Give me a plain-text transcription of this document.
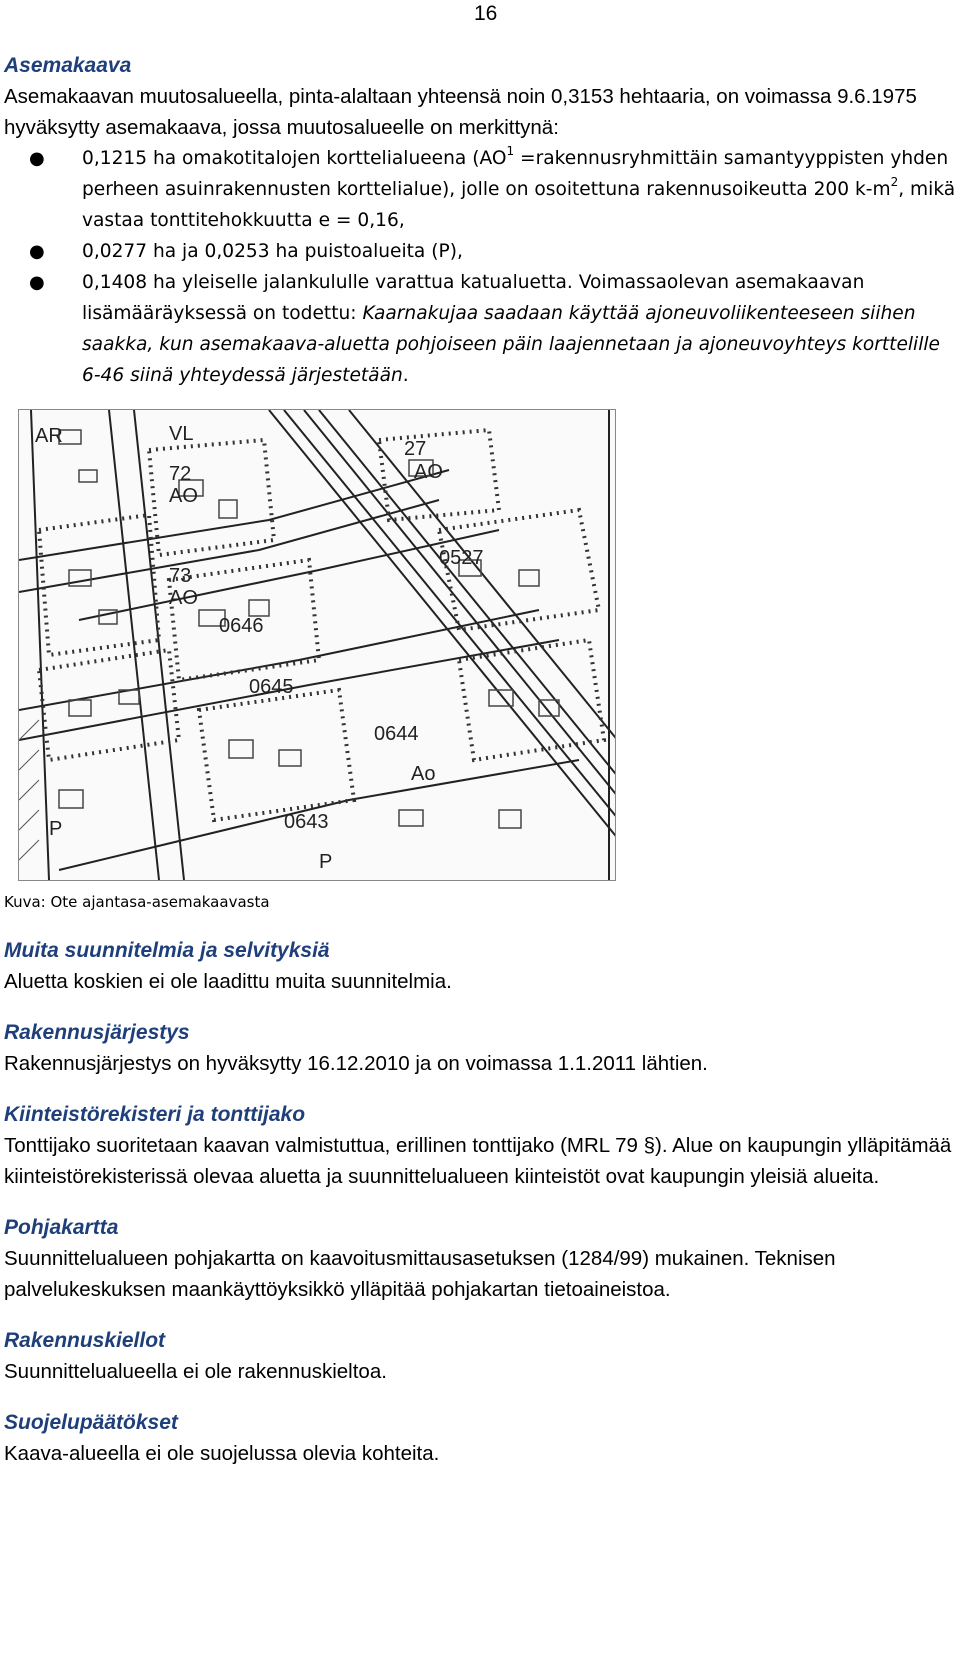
16
Asemakaava

Asemakaavan muutosalueella, pinta-alaltaan yhteensä noin 0,3153 hehtaaria, on voimassa 9.6.1975 hyväksytty asemakaava, jossa muutosalueelle on merkittynä:

● 0,1215 ha omakotitalojen korttelialueena ($AO^1$ =rakennusryhmittäin samantyyppisten yhden perheen asuinrakennusten korttelialue), jolle on osoitettuna rakennusoikeutta 200 $k-m^2$, mikä vastaa tonttitehokkuutta e = 0,16,
● 0,0277 ha ja 0,0253 ha puistoalueita (P),
● 0,1408 ha yleiselle jalankululle varattua katualuetta. Voimassaolevan asemakaavan lisämääräyksessä on todettu: Kaarnakujaa saadaan käyttää ajoneuvoliikenteeseen siihen saakka, kun asemakaava-aluetta pohjoiseen päin laajennetaan ja ajoneuvoyhteys korttelille 6-46 siinä yhteydessä järjestetään.
AR	VL
72
AO
73
AO
27
AO
0646
0645
0644
0643
0527
Ao
P
P

Kuva: Ote ajantasa-asemakaavasta

Muita suunnitelmia ja selvityksiä

Aluetta koskien ei ole laadittu muita suunnitelmia.

Rakennusjärjestys

Rakennusjärjestys on hyväksytty 16.12.2010 ja on voimassa 1.1.2011 lähtien.

Kiinteistörekisteri ja tonttijako

Tonttijako suoritetaan kaavan valmistuttua, erillinen tonttijako (MRL 79 §). Alue on kaupungin ylläpitämää kiinteistörekisterissä olevaa aluetta ja suunnittelualueen kiinteistöt ovat kaupungin yleisiä alueita.

Pohjakartta

Suunnittelualueen pohjakartta on kaavoitusmittausasetuksen (1284/99) mukainen. Teknisen palvelukeskuksen maankäyttöyksikkö ylläpitää pohjakartan tietoaineistoa.

Rakennuskiellot

Suunnittelualueella ei ole rakennuskieltoa.

Suojelupäätökset

Kaava-alueella ei ole suojelussa olevia kohteita.
